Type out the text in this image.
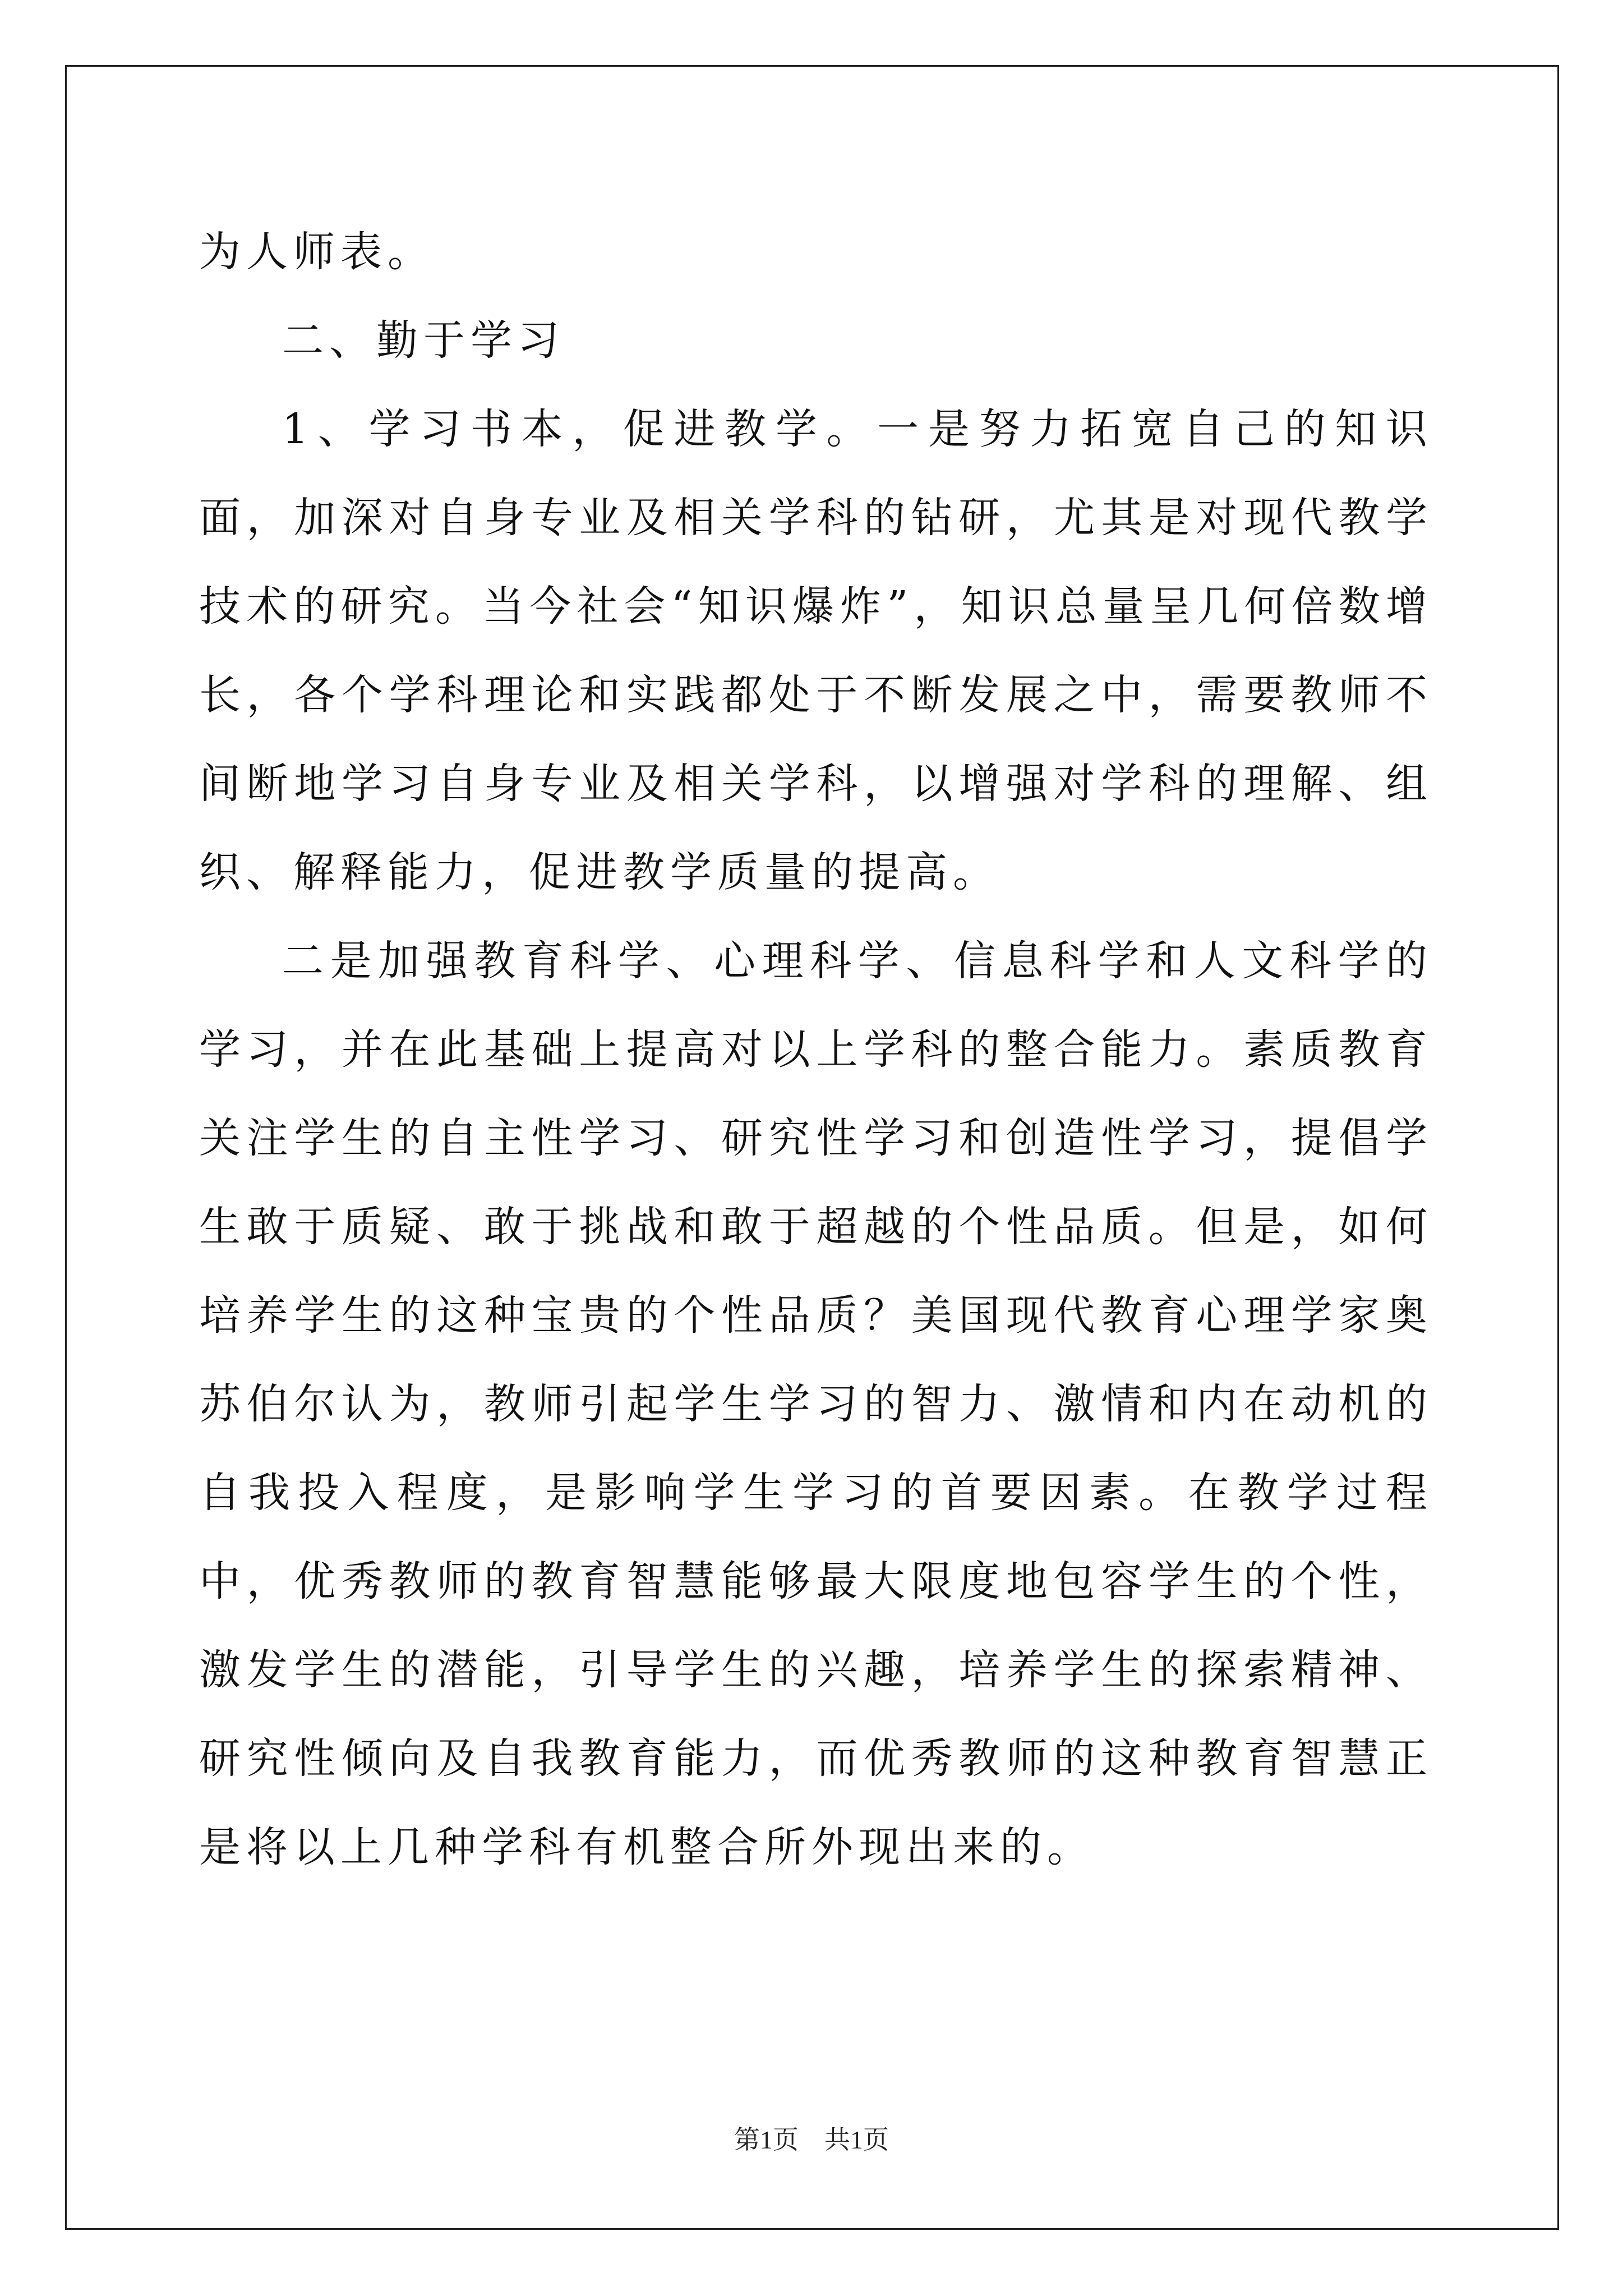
为人师表。

二、勤于学习

1、学习书本，促进教学。一是努力拓宽自己的知识面，加深对自身专业及相关学科的钻研，尤其是对现代教学技术的研究。当今社会“知识爆炸”，知识总量呈几何倍数增长，各个学科理论和实践都处于不断发展之中，需要教师不间断地学习自身专业及相关学科，以增强对学科的理解、组织、解释能力，促进教学质量的提高。

二是加强教育科学、心理科学、信息科学和人文科学的学习，并在此基础上提高对以上学科的整合能力。素质教育关注学生的自主性学习、研究性学习和创造性学习，提倡学生敢于质疑、敢于挑战和敢于超越的个性品质。但是，如何培养学生的这种宝贵的个性品质？美国现代教育心理学家奥苏伯尔认为，教师引起学生学习的智力、激情和内在动机的自我投入程度，是影响学生学习的首要因素。在教学过程中，优秀教师的教育智慧能够最大限度地包容学生的个性，激发学生的潜能，引导学生的兴趣，培养学生的探索精神、研究性倾向及自我教育能力，而优秀教师的这种教育智慧正是将以上几种学科有机整合所外现出来的。

第1页　共1页
